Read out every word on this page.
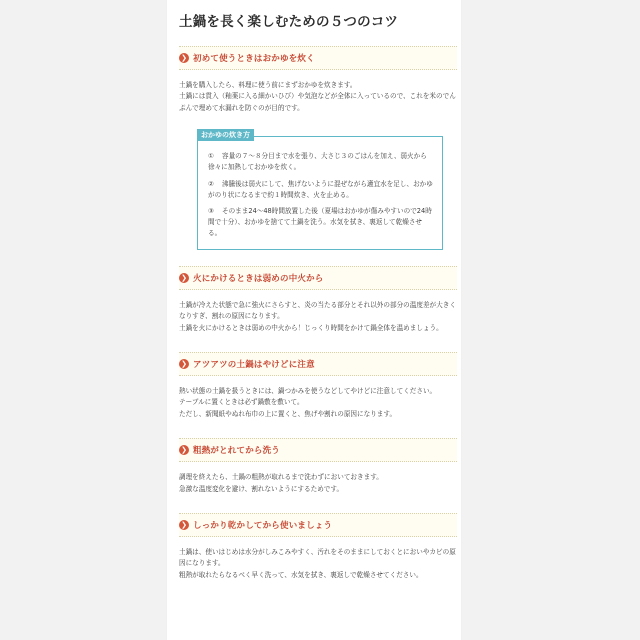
土鍋を長く楽しむための５つのコツ
❯ 初めて使うときはおかゆを炊く

土鍋を購入したら、料理に使う前にまずおかゆを炊きます。

土鍋には貫入（釉薬に入る細かいひび）や気泡などが全体に入っているので、これを米のでんぷんで埋めて水漏れを防ぐのが目的です。

おかゆの炊き方

① 容量の７〜８分目まで水を張り、大さじ３のごはんを加え、弱火から徐々に加熱しておかゆを炊く。

② 沸騰後は弱火にして、焦げないように混ぜながら適宜水を足し、おかゆがのり状になるまで約１時間炊き、火を止める。

③ そのまま24〜48時間放置した後（夏場はおかゆが傷みやすいので24時間で十分）、おかゆを捨てて土鍋を洗う。水気を拭き、裏返して乾燥させる。

❯ 火にかけるときは弱めの中火から

土鍋が冷えた状態で急に強火にさらすと、炎の当たる部分とそれ以外の部分の温度差が大きくなりすぎ、割れの原因になります。

土鍋を火にかけるときは弱めの中火から！じっくり時間をかけて鍋全体を温めましょう。

❯ アツアツの土鍋はやけどに注意

熱い状態の土鍋を扱うときには、鍋つかみを使うなどしてやけどに注意してください。

テーブルに置くときは必ず鍋敷を敷いて。

ただし、新聞紙やぬれ布巾の上に置くと、焦げや割れの原因になります。

❯ 粗熱がとれてから洗う

調理を終えたら、土鍋の粗熱が取れるまで洗わずにおいておきます。

急激な温度変化を避け、割れないようにするためです。

❯ しっかり乾かしてから使いましょう

土鍋は、使いはじめは水分がしみこみやすく、汚れをそのままにしておくとにおいやカビの原因になります。

粗熱が取れたらなるべく早く洗って、水気を拭き、裏返しで乾燥させてください。
